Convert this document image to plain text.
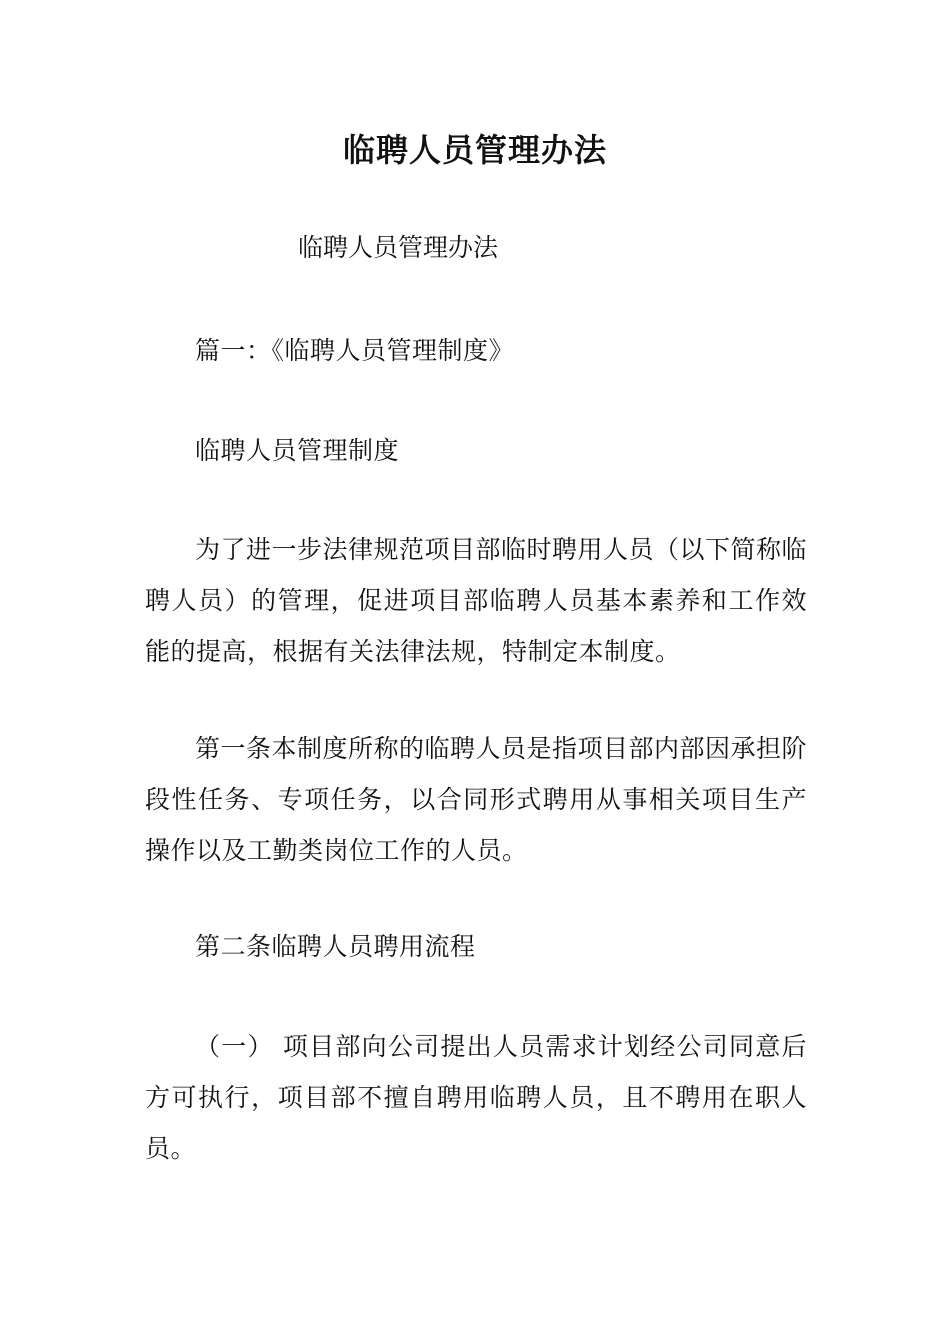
临聘人员管理办法

临聘人员管理办法

篇一：《临聘人员管理制度》

临聘人员管理制度

为了进一步法律规范项目部临时聘用人员（以下简称临聘人员）的管理，促进项目部临聘人员基本素养和工作效能的提高，根据有关法律法规，特制定本制度。

第一条本制度所称的临聘人员是指项目部内部因承担阶段性任务、专项任务，以合同形式聘用从事相关项目生产操作以及工勤类岗位工作的人员。

第二条临聘人员聘用流程

（一） 项目部向公司提出人员需求计划经公司同意后方可执行，项目部不擅自聘用临聘人员，且不聘用在职人员。
